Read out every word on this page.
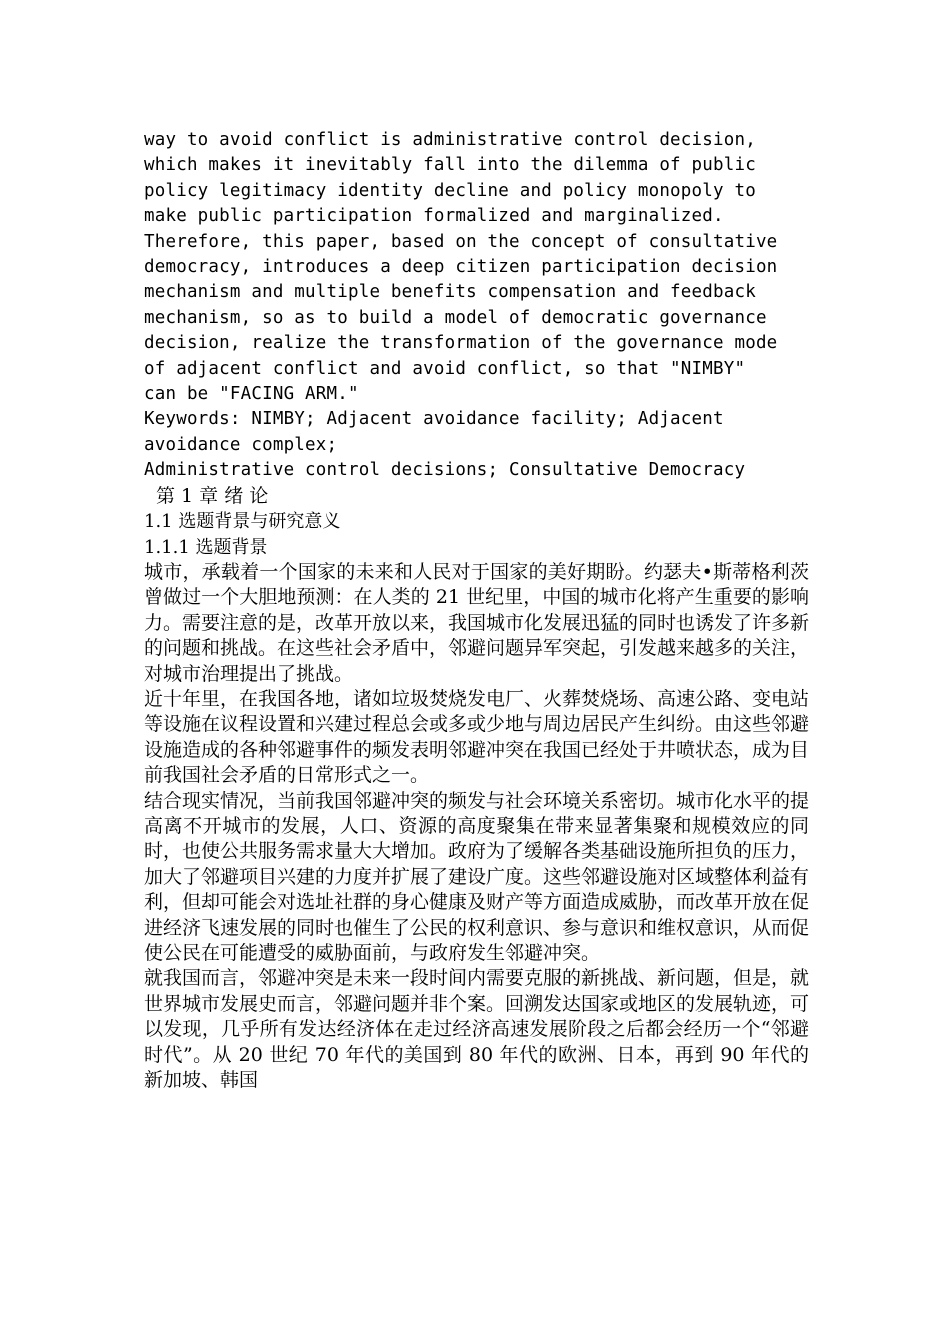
way to avoid conflict is administrative control decision,
which makes it inevitably fall into the dilemma of public
policy legitimacy identity decline and policy monopoly to
make public participation formalized and marginalized.
Therefore, this paper, based on the concept of consultative
democracy, introduces a deep citizen participation decision
mechanism and multiple benefits compensation and feedback
mechanism, so as to build a model of democratic governance
decision, realize the transformation of the governance mode
of adjacent conflict and avoid conflict, so that "NIMBY"
can be "FACING ARM."
Keywords: NIMBY; Adjacent avoidance facility; Adjacent
avoidance complex;
Administrative control decisions; Consultative Democracy
第 1 章 绪 论
1.1 选题背景与研究意义
1.1.1 选题背景

城市，承载着一个国家的未来和人民对于国家的美好期盼。约瑟夫•斯蒂格利茨曾做过一个大胆地预测：在人类的 21 世纪里，中国的城市化将产生重要的影响力。需要注意的是，改革开放以来，我国城市化发展迅猛的同时也诱发了许多新的问题和挑战。在这些社会矛盾中，邻避问题异军突起，引发越来越多的关注，对城市治理提出了挑战。

近十年里，在我国各地，诸如垃圾焚烧发电厂、火葬焚烧场、高速公路、变电站等设施在议程设置和兴建过程总会或多或少地与周边居民产生纠纷。由这些邻避设施造成的各种邻避事件的频发表明邻避冲突在我国已经处于井喷状态，成为目前我国社会矛盾的日常形式之一。

结合现实情况，当前我国邻避冲突的频发与社会环境关系密切。城市化水平的提高离不开城市的发展，人口、资源的高度聚集在带来显著集聚和规模效应的同时，也使公共服务需求量大大增加。政府为了缓解各类基础设施所担负的压力，加大了邻避项目兴建的力度并扩展了建设广度。这些邻避设施对区域整体利益有利，但却可能会对选址社群的身心健康及财产等方面造成威胁，而改革开放在促进经济飞速发展的同时也催生了公民的权利意识、参与意识和维权意识，从而促使公民在可能遭受的威胁面前，与政府发生邻避冲突。

就我国而言，邻避冲突是未来一段时间内需要克服的新挑战、新问题，但是，就世界城市发展史而言，邻避问题并非个案。回溯发达国家或地区的发展轨迹，可以发现，几乎所有发达经济体在走过经济高速发展阶段之后都会经历一个“邻避时代”。从 20 世纪 70 年代的美国到 80 年代的欧洲、日本，再到 90 年代的新加坡、韩国
